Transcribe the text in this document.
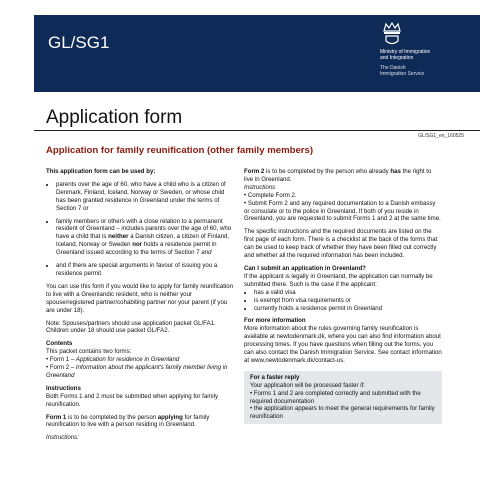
GL/SG1	Ministry of Immigration
and Integration
The Danish
Immigration Service
Application form
GL/SG1_en_160525
Application for family reunification (other family members)

This application form can be used by:

• parents over the age of 60, who have a child who is a citizen of Denmark, Finland, Iceland, Norway or Sweden, or whose child has been granted residence in Greenland under the terms of Section 7 or
• family members or others with a close relation to a permanent resident of Greenland – includes parents over the age of 60, who have a child that is neither a Danish citizen, a citizen of Finland, Iceland, Norway or Sweden nor holds a residence permit in Greenland issued according to the terms of Section 7 and
• and if there are special arguments in favour of issuing you a residence permit

You can use this form if you would like to apply for family reunification to live with a Greenlandic resident, who is neither your spouse/registered partner/cohabiting partner nor your parent (if you are under 18).

Note: Spouses/partners should use application packet GL/FA1. Children under 18 should use packet GL/FA2.

Contents

This packet contains two forms:
• Form 1 – Application for residence in Greenland

• Form 2 – Information about the applicant's family member living in Greenland

Instructions

Both Forms 1 and 2 must be submitted when applying for family reunification.

Form 1 is to be completed by the person applying for family reunification to live with a person residing in Greenland.

Instructions:
Form 2 is to be completed by the person who already has the right to live in Greenland.
Instructions
• Complete Form 2.

• Submit Form 2 and any required documentation to a Danish embassy or consulate or to the police in Greenland. If both of you reside in Greenland, you are requested to submit Forms 1 and 2 at the same time.

The specific instructions and the required documents are listed on the first page of each form. There is a checklist at the back of the forms that can be used to keep track of whether they have been filled out correctly and whether all the required information has been included.

Can I submit an application in Greenland?
If the applicant is legally in Greenland, the application can normally be submitted there. Such is the case if the applicant:
• has a valid visa
• is exempt from visa requirements or
• currently holds a residence permit in Greenland
For more information

More information about the rules governing family reunification is available at newtodenmark.dk, where you can also find information about processing times. If you have questions when filling out the forms, you can also contact the Danish Immigration Service. See contact information at www.newtodenmark.dk/contact-us.

For a faster reply
Your application will be processed faster if:
• Forms 1 and 2 are completed correctly and submitted with the required documentation
• the application appears to meet the general requirements for family reunification
